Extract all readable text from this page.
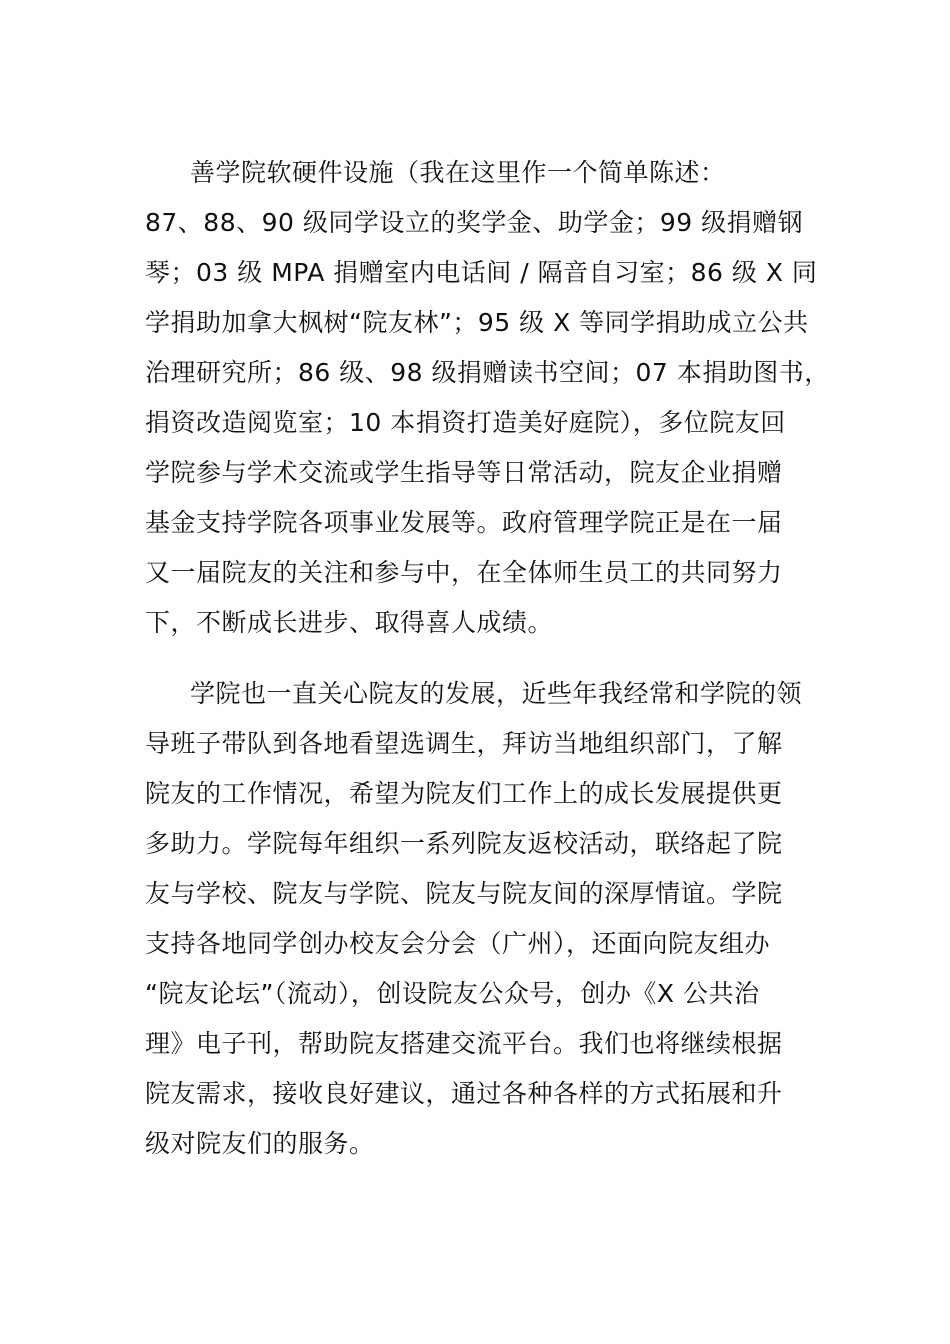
善学院软硬件设施（我在这里作一个简单陈述：
87、88、90 级同学设立的奖学金、助学金；99 级捐赠钢
琴；03 级 MPA 捐赠室内电话间 / 隔音自习室；86 级 X 同
学捐助加拿大枫树“院友林”；95 级 X 等同学捐助成立公共
治理研究所；86 级、98 级捐赠读书空间；07 本捐助图书，
捐资改造阅览室；10 本捐资打造美好庭院），多位院友回
学院参与学术交流或学生指导等日常活动，院友企业捐赠
基金支持学院各项事业发展等。政府管理学院正是在一届
又一届院友的关注和参与中，在全体师生员工的共同努力
下，不断成长进步、取得喜人成绩。
学院也一直关心院友的发展，近些年我经常和学院的领
导班子带队到各地看望选调生，拜访当地组织部门，了解
院友的工作情况，希望为院友们工作上的成长发展提供更
多助力。学院每年组织一系列院友返校活动，联络起了院
友与学校、院友与学院、院友与院友间的深厚情谊。学院
支持各地同学创办校友会分会（广州），还面向院友组办
“院友论坛”（流动），创设院友公众号，创办《X 公共治
理》电子刊，帮助院友搭建交流平台。我们也将继续根据
院友需求，接收良好建议，通过各种各样的方式拓展和升
级对院友们的服务。
